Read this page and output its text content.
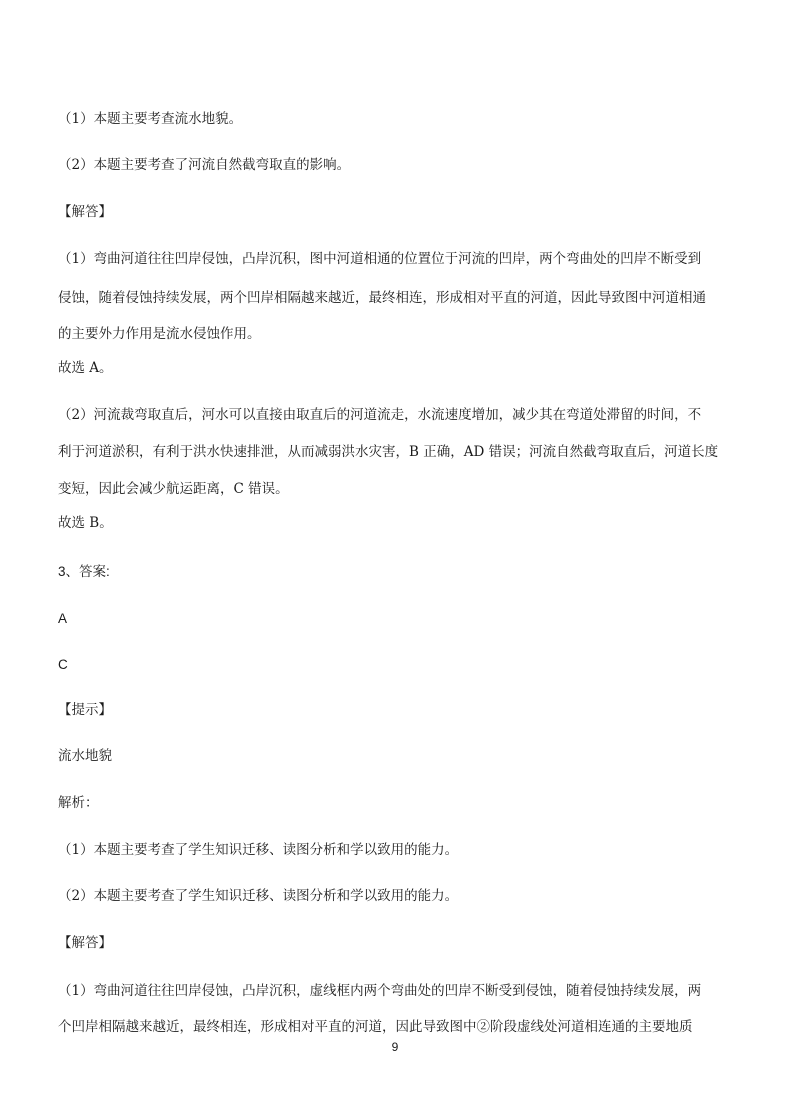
（1）本题主要考查流水地貌。
（2）本题主要考查了河流自然截弯取直的影响。
【解答】
（1）弯曲河道往往凹岸侵蚀，凸岸沉积，图中河道相通的位置位于河流的凹岸，两个弯曲处的凹岸不断受到
侵蚀，随着侵蚀持续发展，两个凹岸相隔越来越近，最终相连，形成相对平直的河道，因此导致图中河道相通
的主要外力作用是流水侵蚀作用。
故选 A。
（2）河流裁弯取直后，河水可以直接由取直后的河道流走，水流速度增加，减少其在弯道处滞留的时间，不
利于河道淤积，有利于洪水快速排泄，从而减弱洪水灾害，B 正确，AD 错误；河流自然截弯取直后，河道长度
变短，因此会减少航运距离，C 错误。
故选 B。
3、答案:
A
C
【提示】
流水地貌
解析：
（1）本题主要考查了学生知识迁移、读图分析和学以致用的能力。
（2）本题主要考查了学生知识迁移、读图分析和学以致用的能力。
【解答】
（1）弯曲河道往往凹岸侵蚀，凸岸沉积，虚线框内两个弯曲处的凹岸不断受到侵蚀，随着侵蚀持续发展，两
个凹岸相隔越来越近，最终相连，形成相对平直的河道，因此导致图中②阶段虚线处河道相连通的主要地质
9
